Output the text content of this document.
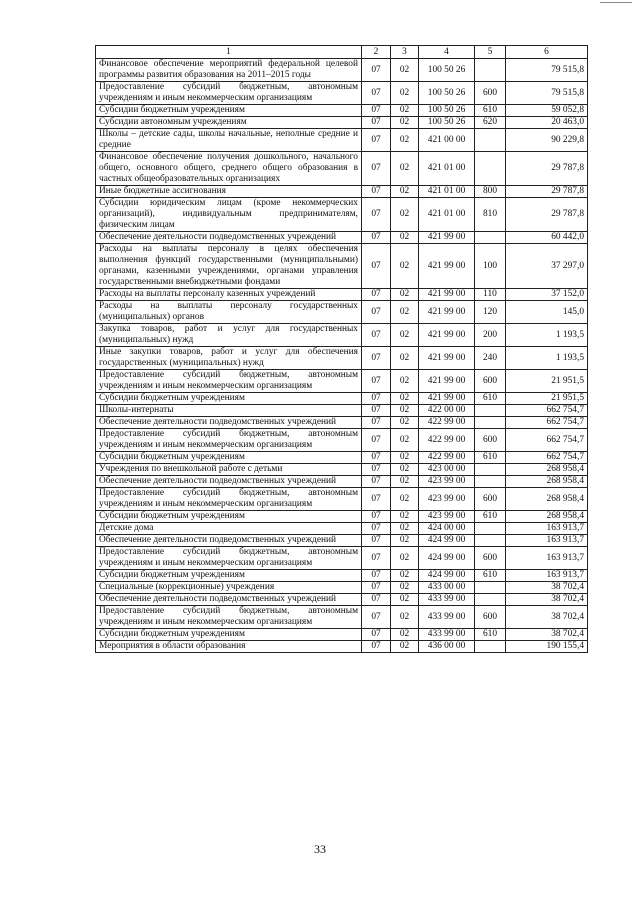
1	2	3	4	5	6
Финансовое обеспечение мероприятий федеральной целевой программы развития образования на 2011–2015 годы	07	02	100 50 26		79 515,8
Предоставление субсидий бюджетным, автономным учреждениям и иным некоммерческим организациям	07	02	100 50 26	600	79 515,8
Субсидии бюджетным учреждениям	07	02	100 50 26	610	59 052,8
Субсидии автономным учреждениям	07	02	100 50 26	620	20 463,0
Школы – детские сады, школы начальные, неполные средние и средние	07	02	421 00 00		90 229,8
Финансовое обеспечение получения дошкольного, начального общего, основного общего, среднего общего образования в частных общеобразовательных организациях	07	02	421 01 00		29 787,8
Иные бюджетные ассигнования	07	02	421 01 00	800	29 787,8
Субсидии юридическим лицам (кроме некоммерческих организаций), индивидуальным предпринимателям, физическим лицам	07	02	421 01 00	810	29 787,8
Обеспечение деятельности подведомственных учреждений	07	02	421 99 00		60 442,0
Расходы на выплаты персоналу в целях обеспечения выполнения функций государственными (муниципальными) органами, казенными учреждениями, органами управления государственными внебюджетными фондами	07	02	421 99 00	100	37 297,0
Расходы на выплаты персоналу казенных учреждений	07	02	421 99 00	110	37 152,0
Расходы на выплаты персоналу государственных (муниципальных) органов	07	02	421 99 00	120	145,0
Закупка товаров, работ и услуг для государственных (муниципальных) нужд	07	02	421 99 00	200	1 193,5
Иные закупки товаров, работ и услуг для обеспечения государственных (муниципальных) нужд	07	02	421 99 00	240	1 193,5
Предоставление субсидий бюджетным, автономным учреждениям и иным некоммерческим организациям	07	02	421 99 00	600	21 951,5
Субсидии бюджетным учреждениям	07	02	421 99 00	610	21 951,5
Школы-интернаты	07	02	422 00 00		662 754,7
Обеспечение деятельности подведомственных учреждений	07	02	422 99 00		662 754,7
Предоставление субсидий бюджетным, автономным учреждениям и иным некоммерческим организациям	07	02	422 99 00	600	662 754,7
Субсидии бюджетным учреждениям	07	02	422 99 00	610	662 754,7
Учреждения по внешкольной работе с детьми	07	02	423 00 00		268 958,4
Обеспечение деятельности подведомственных учреждений	07	02	423 99 00		268 958,4
Предоставление субсидий бюджетным, автономным учреждениям и иным некоммерческим организациям	07	02	423 99 00	600	268 958,4
Субсидии бюджетным учреждениям	07	02	423 99 00	610	268 958,4
Детские дома	07	02	424 00 00		163 913,7
Обеспечение деятельности подведомственных учреждений	07	02	424 99 00		163 913,7
Предоставление субсидий бюджетным, автономным учреждениям и иным некоммерческим организациям	07	02	424 99 00	600	163 913,7
Субсидии бюджетным учреждениям	07	02	424 99 00	610	163 913,7
Специальные (коррекционные) учреждения	07	02	433 00 00		38 702,4
Обеспечение деятельности подведомственных учреждений	07	02	433 99 00		38 702,4
Предоставление субсидий бюджетным, автономным учреждениям и иным некоммерческим организациям	07	02	433 99 00	600	38 702,4
Субсидии бюджетным учреждениям	07	02	433 99 00	610	38 702,4
Мероприятия в области образования	07	02	436 00 00		190 155,4
33
